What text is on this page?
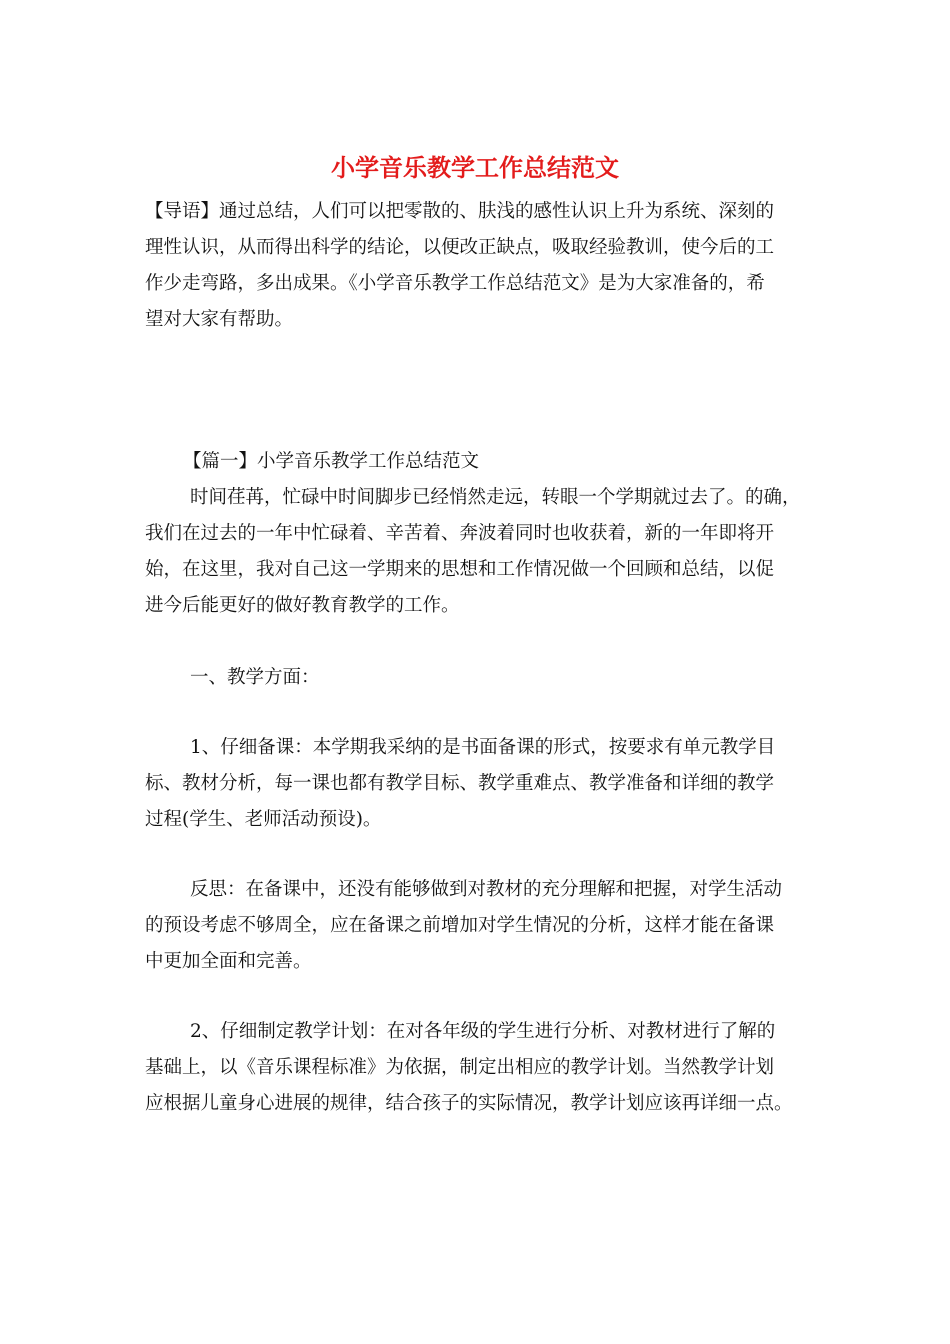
小学音乐教学工作总结范文

【导语】通过总结，人们可以把零散的、肤浅的感性认识上升为系统、深刻的

理性认识，从而得出科学的结论，以便改正缺点，吸取经验教训，使今后的工

作少走弯路，多出成果。《小学音乐教学工作总结范文》是为大家准备的，希

望对大家有帮助。

【篇一】小学音乐教学工作总结范文

时间荏苒，忙碌中时间脚步已经悄然走远，转眼一个学期就过去了。的确，

我们在过去的一年中忙碌着、辛苦着、奔波着同时也收获着，新的一年即将开

始，在这里，我对自己这一学期来的思想和工作情况做一个回顾和总结，以促

进今后能更好的做好教育教学的工作。

一、教学方面：

1、仔细备课：本学期我采纳的是书面备课的形式，按要求有单元教学目

标、教材分析，每一课也都有教学目标、教学重难点、教学准备和详细的教学

过程(学生、老师活动预设)。

反思：在备课中，还没有能够做到对教材的充分理解和把握，对学生活动

的预设考虑不够周全，应在备课之前增加对学生情况的分析，这样才能在备课

中更加全面和完善。

2、仔细制定教学计划：在对各年级的学生进行分析、对教材进行了解的

基础上，以《音乐课程标准》为依据，制定出相应的教学计划。当然教学计划

应根据儿童身心进展的规律，结合孩子的实际情况，教学计划应该再详细一点。
